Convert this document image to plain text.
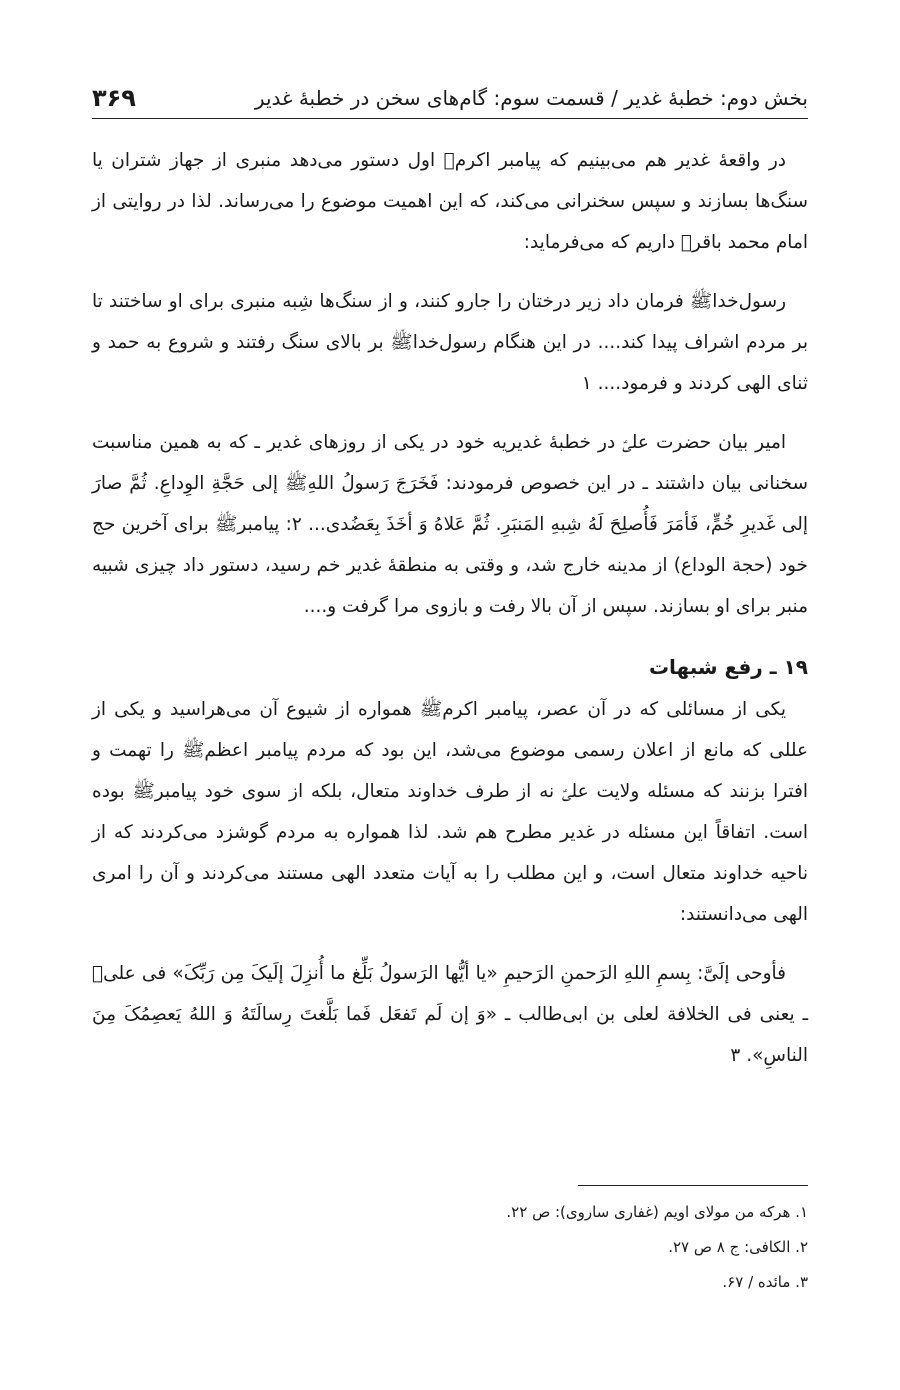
بخش دوم: خطبهٔ غدیر / قسمت سوم: گام‌های سخن در خطبهٔ غدیر
۳۶۹

در واقعهٔ غدیر هم می‌بینیم که پیامبر اکرمﷺ اول دستور می‌دهد منبری از جهاز شتران یا سنگ‌ها بسازند و سپس سخنرانی می‌کند، که این اهمیت موضوع را می‌رساند. لذا در روایتی از امام محمد باقرؑ داریم که می‌فرماید:

رسول‌خداﷺ فرمان داد زیر درختان را جارو کنند، و از سنگ‌ها شِبه منبری برای او ساختند تا بر مردم اشراف پیدا کند.... در این هنگام رسول‌خداﷺ بر بالای سنگ رفتند و شروع به حمد و ثنای الهی کردند و فرمود.... ۱

امیر بیان حضرت علیؑ در خطبهٔ غدیریه خود در یکی از روزهای غدیر ـ که به همین مناسبت سخنانی بیان داشتند ـ در این خصوص فرمودند: فَخَرَجَ رَسولُ اللهِﷺ إلی حَجَّةِ الوِداعِ. ثُمَّ صارَ إلی غَدیرِ خُمٍّ، فَأمَرَ فَأُصلِحَ لَهُ شِبهِ المَنبَرِ. ثُمَّ عَلاهُ وَ أخَذَ بِعَضُدی... ۲: پیامبرﷺ برای آخرین حج خود (حجة الوداع) از مدینه خارج شد، و وقتی به منطقهٔ غدیر خم رسید، دستور داد چیزی شبیه منبر برای او بسازند. سپس از آن بالا رفت و بازوی مرا گرفت و....

۱۹ ـ رفع شبهات

یکی از مسائلی که در آن عصر، پیامبر اکرمﷺ همواره از شیوع آن می‌هراسید و یکی از عللی که مانع از اعلان رسمی موضوع می‌شد، این بود که مردم پیامبر اعظمﷺ را تهمت و افترا بزنند که مسئله ولایت علیؑ نه از طرف خداوند متعال، بلکه از سوی خود پیامبرﷺ بوده است. اتفاقاً این مسئله در غدیر مطرح هم شد. لذا همواره به مردم گوشزد می‌کردند که از ناحیه خداوند متعال است، و این مطلب را به آیات متعدد الهی مستند می‌کردند و آن را امری الهی می‌دانستند:

فأوحی إلَیَّ: بِسمِ اللهِ الرَحمنِ الرَحیمِ «یا أیُّها الرَسولُ بَلِّغ ما أُنزِلَ إلَیکَ مِن رَبِّکَ» فی علیؑ ـ یعنی فی الخلافة لعلی بن ابی‌طالب ـ «وَ إن لَم تَفعَل فَما بَلَّغتَ رِسالَتَهُ وَ اللهُ یَعصِمُکَ مِنَ الناسِ». ۳

۱. هرکه من مولای اویم (غفاری ساروی): ص ۲۲.
۲. الکافی: ج ۸ ص ۲۷.
۳. مائده / ۶۷.
